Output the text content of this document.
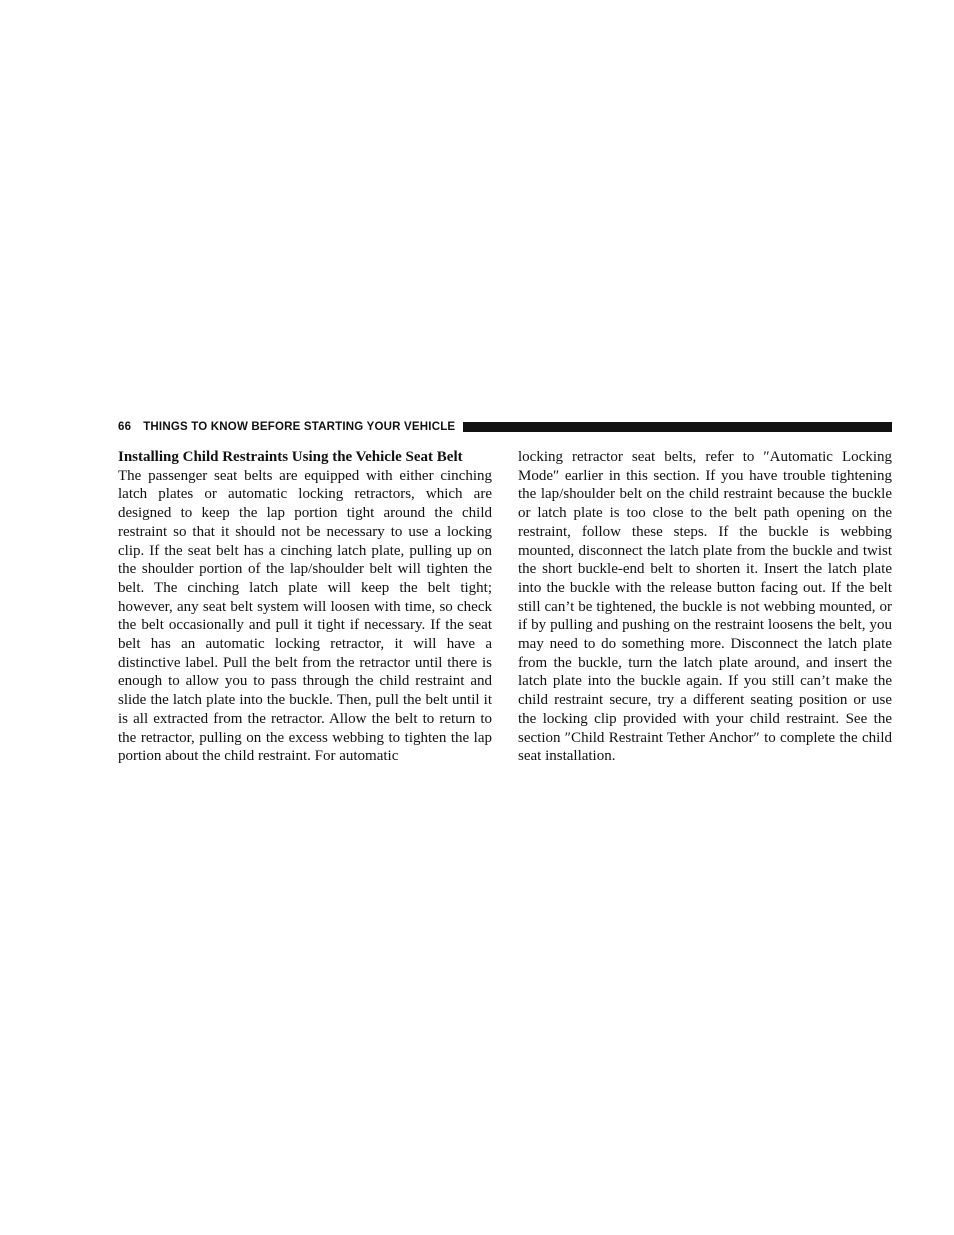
66 THINGS TO KNOW BEFORE STARTING YOUR VEHICLE
Installing Child Restraints Using the Vehicle Seat Belt

The passenger seat belts are equipped with either cinching latch plates or automatic locking retractors, which are designed to keep the lap portion tight around the child restraint so that it should not be necessary to use a locking clip. If the seat belt has a cinching latch plate, pulling up on the shoulder portion of the lap/shoulder belt will tighten the belt. The cinching latch plate will keep the belt tight; however, any seat belt system will loosen with time, so check the belt occasionally and pull it tight if necessary. If the seat belt has an automatic locking retractor, it will have a distinctive label. Pull the belt from the retractor until there is enough to allow you to pass through the child restraint and slide the latch plate into the buckle. Then, pull the belt until it is all extracted from the retractor. Allow the belt to return to the retractor, pulling on the excess webbing to tighten the lap portion about the child restraint. For automatic

locking retractor seat belts, refer to ″Automatic Locking Mode″ earlier in this section. If you have trouble tightening the lap/shoulder belt on the child restraint because the buckle or latch plate is too close to the belt path opening on the restraint, follow these steps. If the buckle is webbing mounted, disconnect the latch plate from the buckle and twist the short buckle-end belt to shorten it. Insert the latch plate into the buckle with the release button facing out. If the belt still can’t be tightened, the buckle is not webbing mounted, or if by pulling and pushing on the restraint loosens the belt, you may need to do something more. Disconnect the latch plate from the buckle, turn the latch plate around, and insert the latch plate into the buckle again. If you still can’t make the child restraint secure, try a different seating position or use the locking clip provided with your child restraint. See the section ″Child Restraint Tether Anchor″ to complete the child seat installation.
